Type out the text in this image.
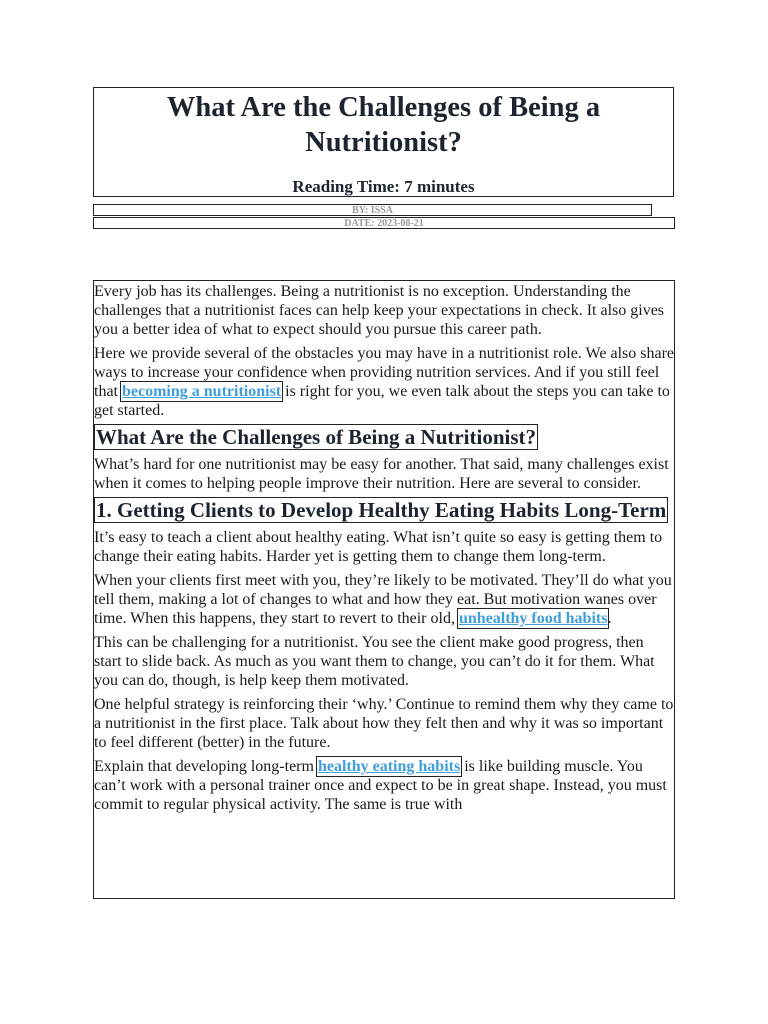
What Are the Challenges of Being a
Nutritionist?

Reading Time: 7 minutes

BY: ISSA
DATE: 2023-08-21

Every job has its challenges. Being a nutritionist is no exception. Understanding the challenges that a nutritionist faces can help keep your expectations in check. It also gives you a better idea of what to expect should you pursue this career path.

Here we provide several of the obstacles you may have in a nutritionist role. We also share ways to increase your confidence when providing nutrition services. And if you still feel that becoming a nutritionist is right for you, we even talk about the steps you can take to get started.

What Are the Challenges of Being a Nutritionist?

What’s hard for one nutritionist may be easy for another. That said, many challenges exist when it comes to helping people improve their nutrition. Here are several to consider.

1. Getting Clients to Develop Healthy Eating Habits Long-Term

It’s easy to teach a client about healthy eating. What isn’t quite so easy is getting them to change their eating habits. Harder yet is getting them to change them long-term.

When your clients first meet with you, they’re likely to be motivated. They’ll do what you tell them, making a lot of changes to what and how they eat. But motivation wanes over time. When this happens, they start to revert to their old, unhealthy food habits.

This can be challenging for a nutritionist. You see the client make good progress, then start to slide back. As much as you want them to change, you can’t do it for them. What you can do, though, is help keep them motivated.

One helpful strategy is reinforcing their ‘why.’ Continue to remind them why they came to a nutritionist in the first place. Talk about how they felt then and why it was so important to feel different (better) in the future.

Explain that developing long-term healthy eating habits is like building muscle. You can’t work with a personal trainer once and expect to be in great shape. Instead, you must commit to regular physical activity. The same is true with
